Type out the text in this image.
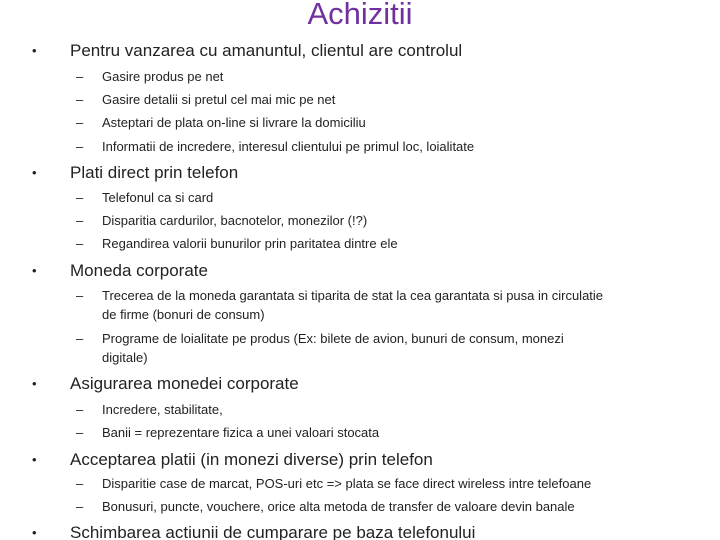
Achizitii
•	Pentru vanzarea cu amanuntul, clientul are controlul
–	Gasire produs pe net
–	Gasire detalii si pretul cel mai mic pe net
–	Asteptari de plata on-line si livrare la domiciliu
–	Informatii de incredere, interesul clientului pe primul loc, loialitate
•	Plati direct prin telefon
–	Telefonul ca si card
–	Disparitia cardurilor, bacnotelor, monezilor (!?)
–	Regandirea valorii bunurilor prin paritatea dintre ele
•	Moneda corporate
–	Trecerea de la moneda garantata si tiparita de stat la cea garantata si pusa in circulatie
de firme (bonuri de consum)
–	Programe de loialitate pe produs (Ex: bilete de avion, bunuri de consum, monezi
digitale)
•	Asigurarea monedei corporate
–	Incredere, stabilitate,
–	Banii = reprezentare fizica a unei valoari stocata
•	Acceptarea platii (in monezi diverse) prin telefon
–	Disparitie case de marcat, POS-uri etc => plata se face direct wireless intre telefoane
–	Bonusuri, puncte, vouchere, orice alta metoda de transfer de valoare devin banale
•	Schimbarea actiunii de cumparare pe baza telefonului
